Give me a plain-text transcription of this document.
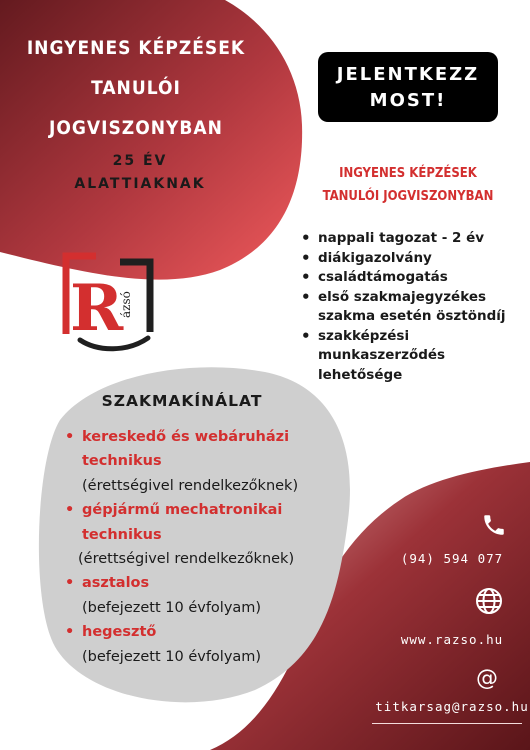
INGYENES KÉPZÉSEK
TANULÓI
JOGVISZONYBAN
25 ÉV
ALATTIAKNAK
JELENTKEZZ
MOST!
INGYENES KÉPZÉSEK
TANULÓI JOGVISZONYBAN
• nappali tagozat - 2 év
• diákigazolvány
• családtámogatás
• első szakmajegyzékes szakma esetén ösztöndíj
• szakképzési munkaszerződés lehetősége
R
ázsó
SZAKMAKÍNÁLAT
• kereskedő és webáruházi technikus
(érettségivel rendelkezőknek)
• gépjármű mechatronikai technikus
(érettségivel rendelkezőknek)
• asztalos
(befejezett 10 évfolyam)
• hegesztő
(befejezett 10 évfolyam)
(94) 594 077
www.razso.hu
@
titkarsag@razso.hu
